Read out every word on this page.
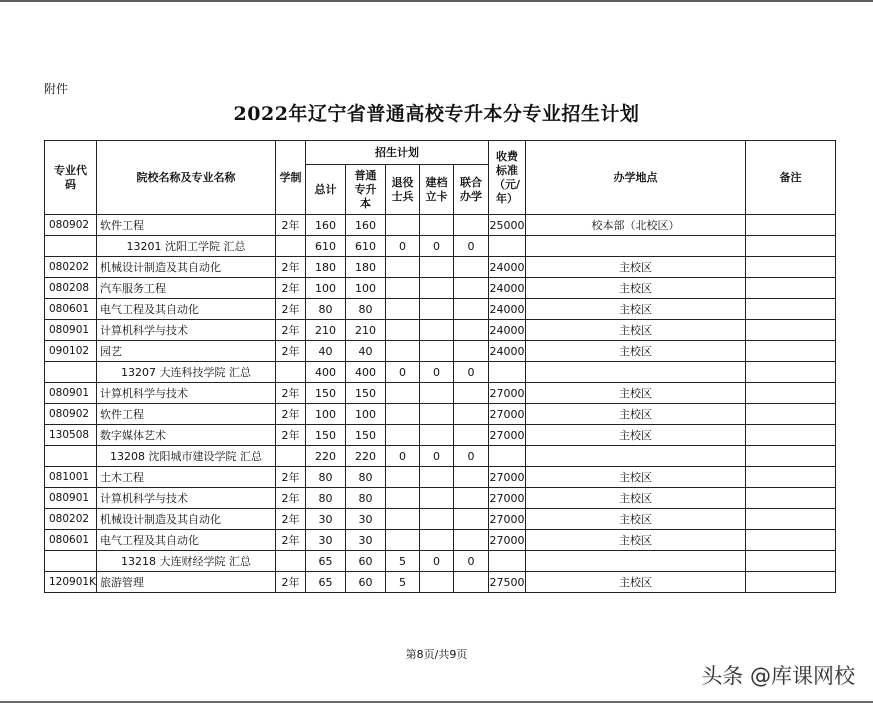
附件
2022年辽宁省普通高校专升本分专业招生计划
专业代码	院校名称及专业名称	学制	招生计划					收费标准（元/年）	办学地点	备注
			总计	普通专升本	退役士兵	建档立卡	联合办学			
080902	软件工程	2年	160	160				25000	校本部（北校区）	
	13201 沈阳工学院 汇总		610	610	0	0	0			
080202	机械设计制造及其自动化	2年	180	180				24000	主校区	
080208	汽车服务工程	2年	100	100				24000	主校区	
080601	电气工程及其自动化	2年	80	80				24000	主校区	
080901	计算机科学与技术	2年	210	210				24000	主校区	
090102	园艺	2年	40	40				24000	主校区	
	13207 大连科技学院 汇总		400	400	0	0	0			
080901	计算机科学与技术	2年	150	150				27000	主校区	
080902	软件工程	2年	100	100				27000	主校区	
130508	数字媒体艺术	2年	150	150				27000	主校区	
	13208 沈阳城市建设学院 汇总		220	220	0	0	0			
081001	土木工程	2年	80	80				27000	主校区	
080901	计算机科学与技术	2年	80	80				27000	主校区	
080202	机械设计制造及其自动化	2年	30	30				27000	主校区	
080601	电气工程及其自动化	2年	30	30				27000	主校区	
	13218 大连财经学院 汇总		65	60	5	0	0			
120901K	旅游管理	2年	65	60	5			27500	主校区	
第8页/共9页
头条 @库课网校
